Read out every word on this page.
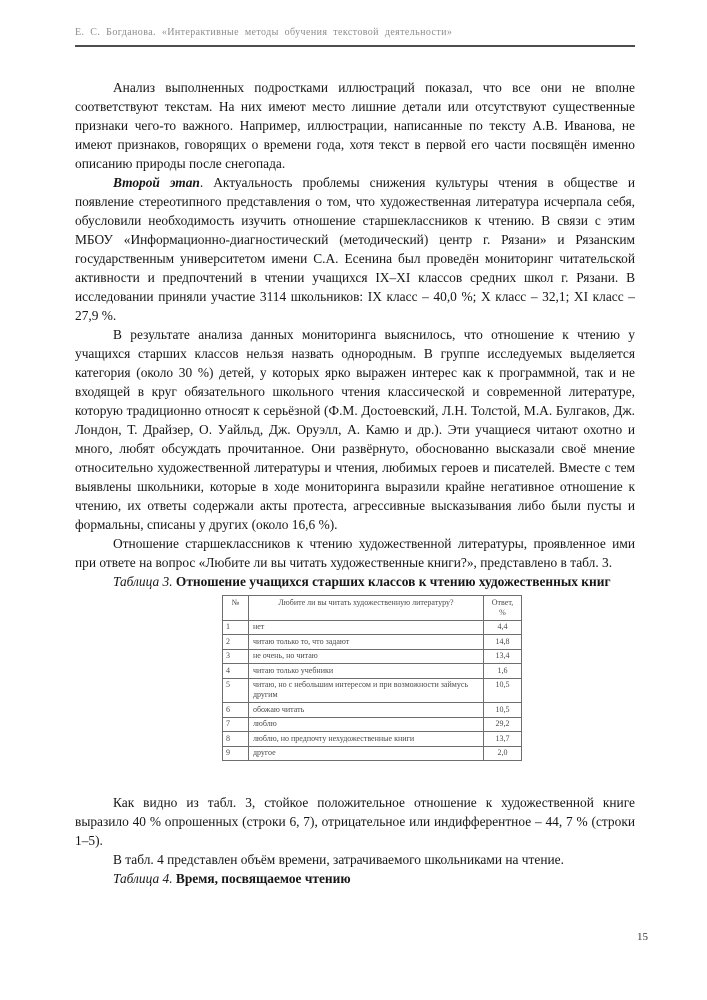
Е. С. Богданова. «Интерактивные методы обучения текстовой деятельности»

Анализ выполненных подростками иллюстраций показал, что все они не вполне соответствуют текстам. На них имеют место лишние детали или отсутствуют существенные признаки чего-то важного. Например, иллюстрации, написанные по тексту А.В. Иванова, не имеют признаков, говорящих о времени года, хотя текст в первой его части посвящён именно описанию природы после снегопада.

Второй этап. Актуальность проблемы снижения культуры чтения в обществе и появление стереотипного представления о том, что художественная литература исчерпала себя, обусловили необходимость изучить отношение старшеклассников к чтению. В связи с этим МБОУ «Информационно-диагностический (методический) центр г. Рязани» и Рязанским государственным университетом имени С.А. Есенина был проведён мониторинг читательской активности и предпочтений в чтении учащихся IX–XI классов средних школ г. Рязани. В исследовании приняли участие 3114 школьников: IX класс – 40,0 %; X класс – 32,1; XI класс – 27,9 %.

В результате анализа данных мониторинга выяснилось, что отношение к чтению у учащихся старших классов нельзя назвать однородным. В группе исследуемых выделяется категория (около 30 %) детей, у которых ярко выражен интерес как к программной, так и не входящей в круг обязательного школьного чтения классической и современной литературе, которую традиционно относят к серьёзной (Ф.М. Достоевский, Л.Н. Толстой, М.А. Булгаков, Дж. Лондон, Т. Драйзер, О. Уайльд, Дж. Оруэлл, А. Камю и др.). Эти учащиеся читают охотно и много, любят обсуждать прочитанное. Они развёрнуто, обоснованно высказали своё мнение относительно художественной литературы и чтения, любимых героев и писателей. Вместе с тем выявлены школьники, которые в ходе мониторинга выразили крайне негативное отношение к чтению, их ответы содержали акты протеста, агрессивные высказывания либо были пусты и формальны, списаны у других (около 16,6 %).

Отношение старшеклассников к чтению художественной литературы, проявленное ими при ответе на вопрос «Любите ли вы читать художественные книги?», представлено в табл. 3.

Таблица 3. Отношение учащихся старших классов к чтению художественных книг

№	Любите ли вы читать художественную литературу?	Ответ, %
1	нет	4,4
2	читаю только то, что задают	14,8
3	не очень, но читаю	13,4
4	читаю только учебники	1,6
5	читаю, но с небольшим интересом и при возможности займусь другим	10,5
6	обожаю читать	10,5
7	люблю	29,2
8	люблю, но предпочту нехудожественные книги	13,7
9	другое	2,0

Как видно из табл. 3, стойкое положительное отношение к художественной книге выразило 40 % опрошенных (строки 6, 7), отрицательное или индифферентное – 44, 7 % (строки 1–5).

В табл. 4 представлен объём времени, затрачиваемого школьниками на чтение.

Таблица 4. Время, посвящаемое чтению

15
